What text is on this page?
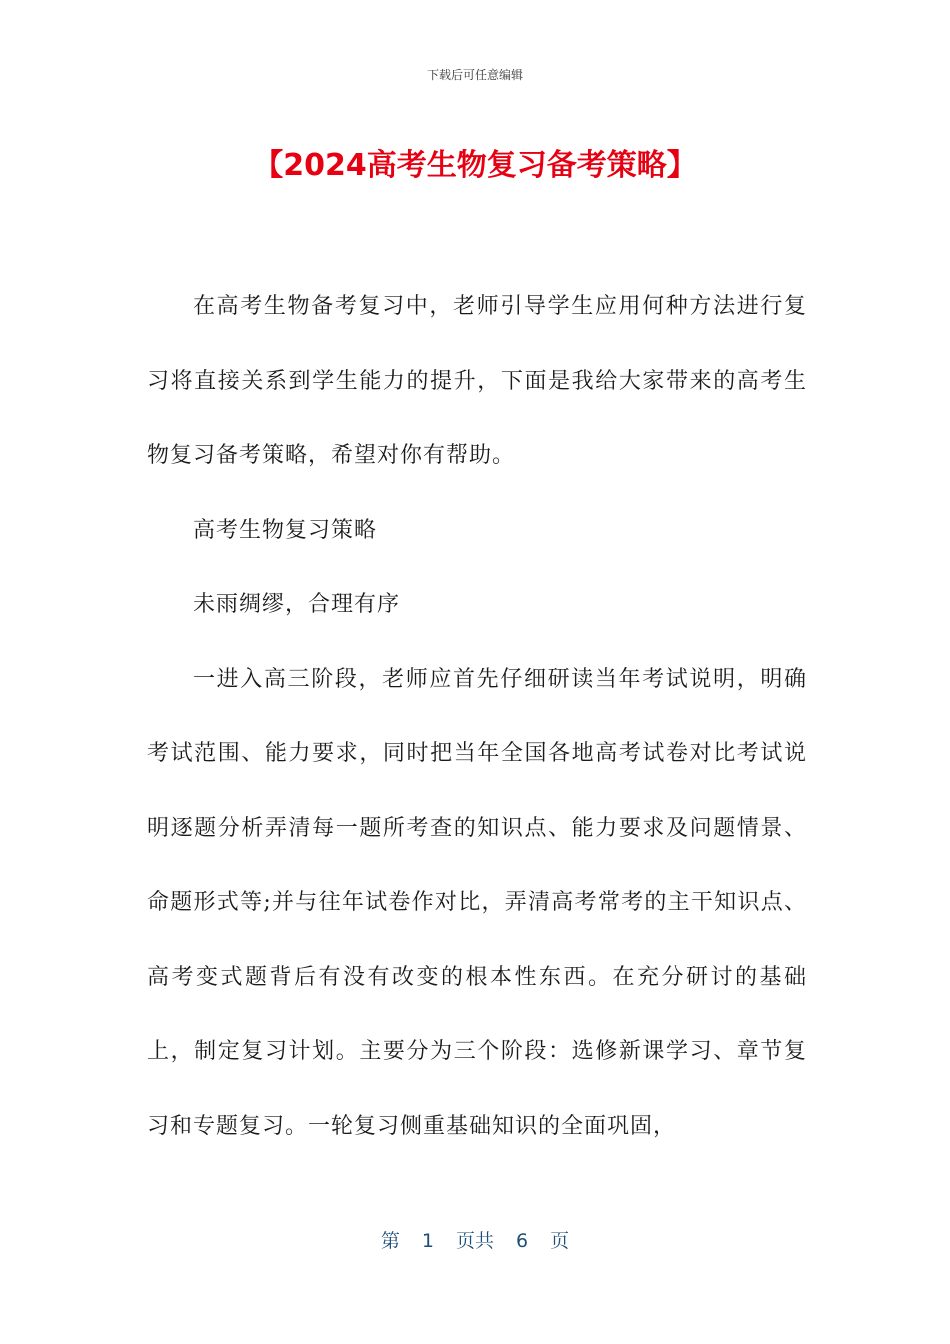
下载后可任意编辑
【2024高考生物复习备考策略】

在高考生物备考复习中，老师引导学生应用何种方法进行复习将直接关系到学生能力的提升，下面是我给大家带来的高考生物复习备考策略，希望对你有帮助。

高考生物复习策略

未雨绸缪，合理有序

一进入高三阶段，老师应首先仔细研读当年考试说明，明确考试范围、能力要求，同时把当年全国各地高考试卷对比考试说明逐题分析弄清每一题所考查的知识点、能力要求及问题情景、命题形式等;并与往年试卷作对比，弄清高考常考的主干知识点、高考变式题背后有没有改变的根本性东西。在充分研讨的基础上，制定复习计划。主要分为三个阶段：选修新课学习、章节复习和专题复习。一轮复习侧重基础知识的全面巩固，

第 1 页共 6 页
